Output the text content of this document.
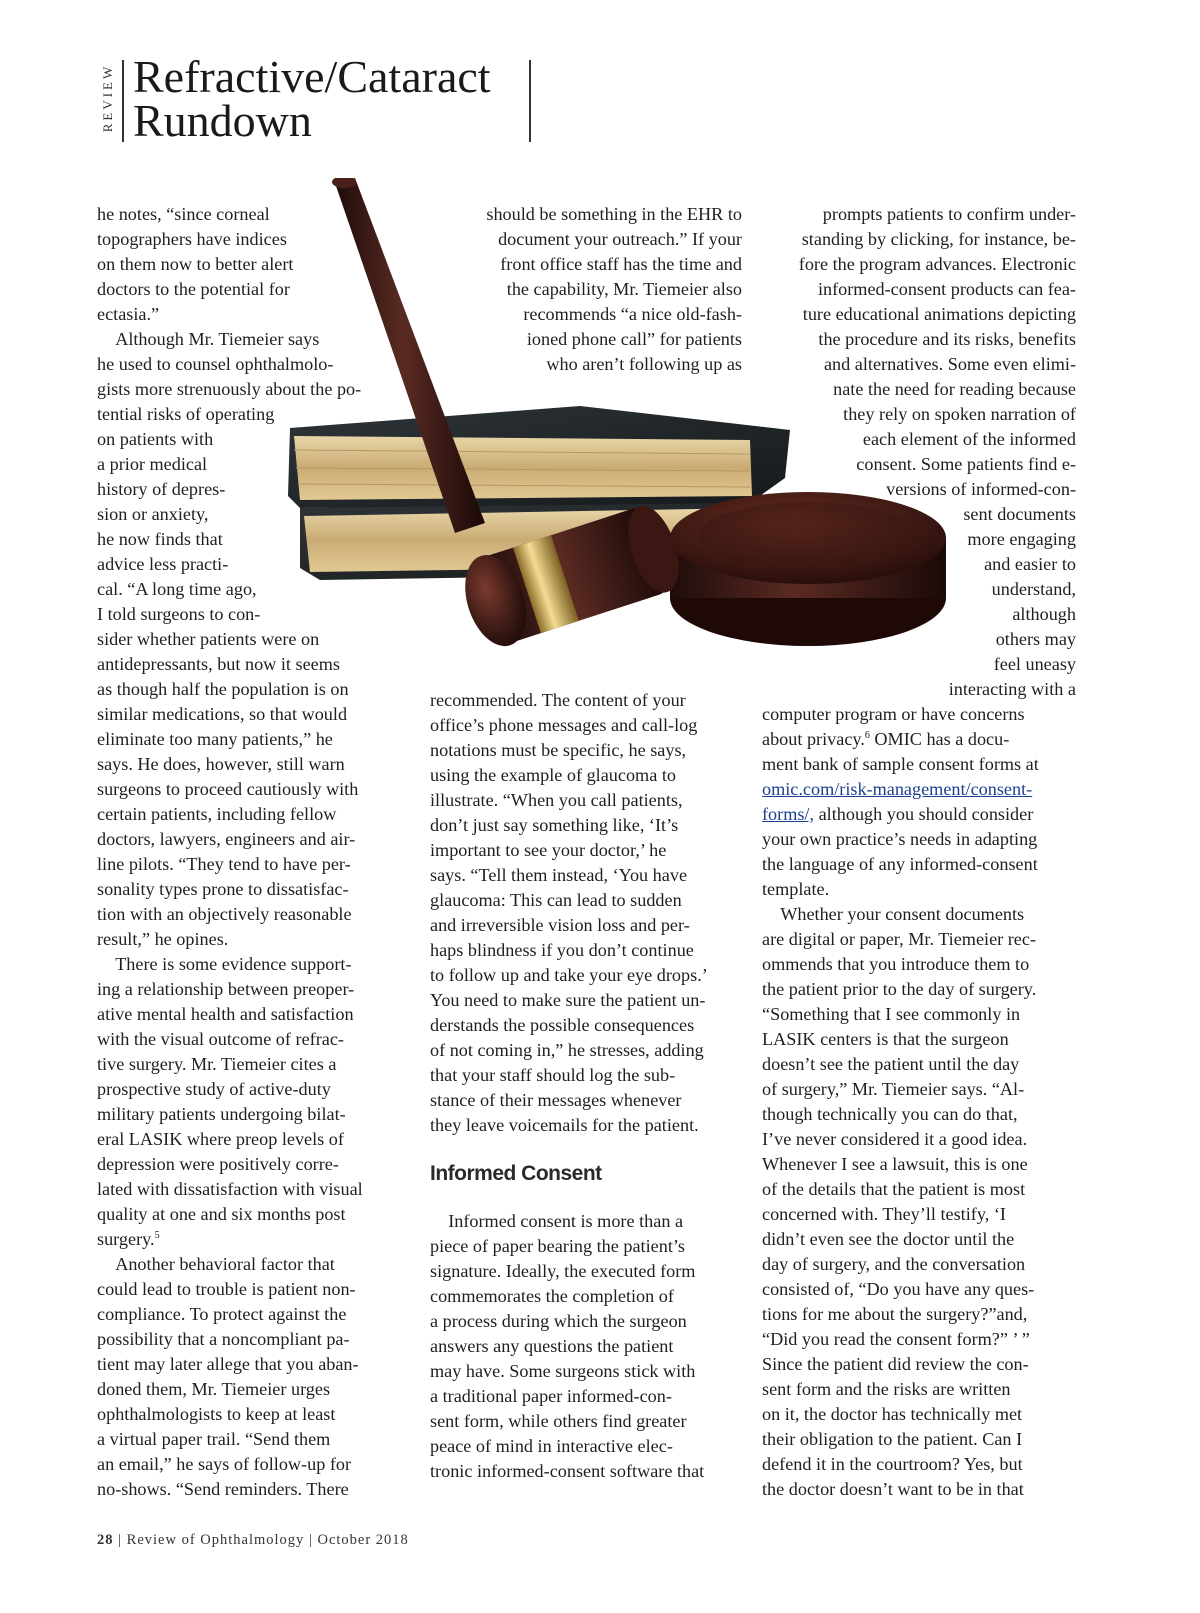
REVIEW Refractive/Cataract
Rundown

he notes, “since corneal
topographers have indices
on them now to better alert
doctors to the potential for
ectasia.”
Although Mr. Tiemeier says
he used to counsel ophthalmolo-
gists more strenuously about the po-
tential risks of operating
on patients with
a prior medical
history of depres-
sion or anxiety,
he now finds that
advice less practi-
cal. “A long time ago,
I told surgeons to con-
sider whether patients were on
antidepressants, but now it seems
as though half the population is on
similar medications, so that would
eliminate too many patients,” he
says. He does, however, still warn
surgeons to proceed cautiously with
certain patients, including fellow
doctors, lawyers, engineers and air-
line pilots. “They tend to have per-
sonality types prone to dissatisfac-
tion with an objectively reasonable
result,” he opines.
There is some evidence support-
ing a relationship between preoper-
ative mental health and satisfaction
with the visual outcome of refrac-
tive surgery. Mr. Tiemeier cites a
prospective study of active-duty
military patients undergoing bilat-
eral LASIK where preop levels of
depression were positively corre-
lated with dissatisfaction with visual
quality at one and six months post
surgery.$^5$
Another behavioral factor that
could lead to trouble is patient non-
compliance. To protect against the
possibility that a noncompliant pa-
tient may later allege that you aban-
doned them, Mr. Tiemeier urges
ophthalmologists to keep at least
a virtual paper trail. “Send them
an email,” he says of follow-up for
no-shows. “Send reminders. There

should be something in the EHR to
document your outreach.” If your
front office staff has the time and
the capability, Mr. Tiemeier also
recommends “a nice old-fash-
ioned phone call” for patients
who aren’t following up as

recommended. The content of your
office’s phone messages and call-log
notations must be specific, he says,
using the example of glaucoma to
illustrate. “When you call patients,
don’t just say something like, ‘It’s
important to see your doctor,’ he
says. “Tell them instead, ‘You have
glaucoma: This can lead to sudden
and irreversible vision loss and per-
haps blindness if you don’t continue
to follow up and take your eye drops.’
You need to make sure the patient un-
derstands the possible consequences
of not coming in,” he stresses, adding
that your staff should log the sub-
stance of their messages whenever
they leave voicemails for the patient.

Informed Consent

Informed consent is more than a
piece of paper bearing the patient’s
signature. Ideally, the executed form
commemorates the completion of
a process during which the surgeon
answers any questions the patient
may have. Some surgeons stick with
a traditional paper informed-con-
sent form, while others find greater
peace of mind in interactive elec-
tronic informed-consent software that

prompts patients to confirm under-
standing by clicking, for instance, be-
fore the program advances. Electronic
informed-consent products can fea-
ture educational animations depicting
the procedure and its risks, benefits
and alternatives. Some even elimi-
nate the need for reading because
they rely on spoken narration of
each element of the informed
consent. Some patients find e-
versions of informed-con-
sent documents
more engaging
and easier to
understand,
although
others may
feel uneasy
interacting with a

computer program or have concerns
about privacy.$^6$ OMIC has a docu-
ment bank of sample consent forms at
omic.com/risk-management/consent-
forms/, although you should consider
your own practice’s needs in adapting
the language of any informed-consent
template.

Whether your consent documents
are digital or paper, Mr. Tiemeier rec-
ommends that you introduce them to
the patient prior to the day of surgery.
“Something that I see commonly in
LASIK centers is that the surgeon
doesn’t see the patient until the day
of surgery,” Mr. Tiemeier says. “Al-
though technically you can do that,
I’ve never considered it a good idea.
Whenever I see a lawsuit, this is one
of the details that the patient is most
concerned with. They’ll testify, ‘I
didn’t even see the doctor until the
day of surgery, and the conversation
consisted of, “Do you have any ques-
tions for me about the surgery?”and,
“Did you read the consent form?” ’ ”
Since the patient did review the con-
sent form and the risks are written
on it, the doctor has technically met
their obligation to the patient. Can I
defend it in the courtroom? Yes, but
the doctor doesn’t want to be in that

28 | Review of Ophthalmology | October 2018
